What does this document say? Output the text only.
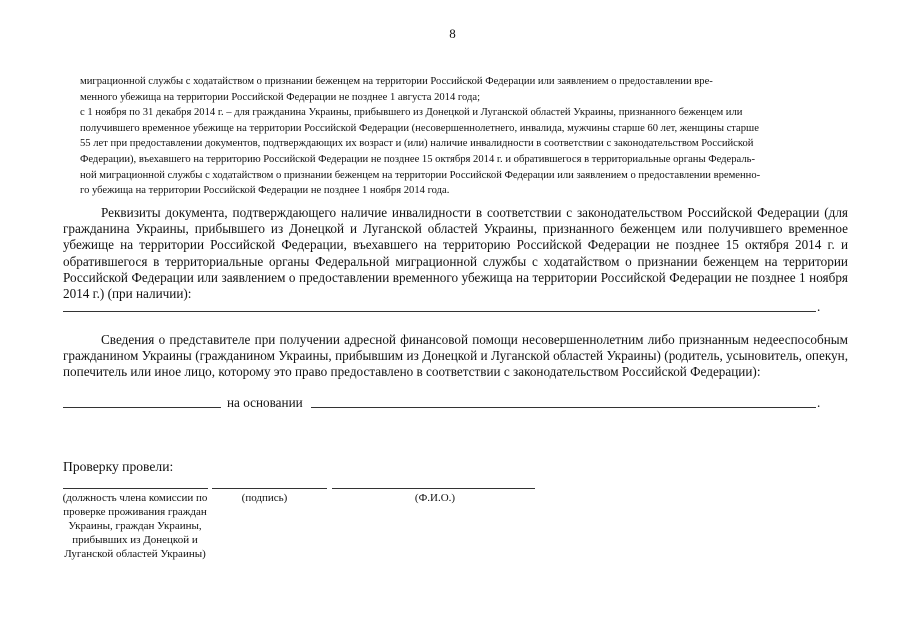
8

миграционной службы с ходатайством о признании беженцем на территории Российской Федерации или заявлением о предоставлении вре-

менного убежища на территории Российской Федерации не позднее 1 августа 2014 года;

с 1 ноября по 31 декабря 2014 г. – для гражданина Украины, прибывшего из Донецкой и Луганской областей Украины, признанного беженцем или

получившего временное убежище на территории Российской Федерации (несовершеннолетнего, инвалида, мужчины старше 60 лет, женщины старше

55 лет при предоставлении документов, подтверждающих их возраст и (или) наличие инвалидности в соответствии с законодательством Российской

Федерации), въехавшего на территорию Российской Федерации не позднее 15 октября 2014 г. и обратившегося в территориальные органы Федераль-

ной миграционной службы с ходатайством о признании беженцем на территории Российской Федерации или заявлением о предоставлении временно-

го убежища на территории Российской Федерации не позднее 1 ноября 2014 года.

Реквизиты документа, подтверждающего наличие инвалидности в соответствии с законодательством Российской Федерации (для гражданина Украины, прибывшего из Донецкой и Луганской областей Украины, признанного беженцем или получившего временное убежище на территории Российской Федерации, въехавшего на территорию Российской Федерации не позднее 15 октября 2014 г. и обратившегося в территориальные органы Федеральной миграционной службы с ходатайством о признании беженцем на территории Российской Федерации или заявлением о предоставлении временного убежища на территории Российской Федерации не позднее 1 ноября 2014 г.) (при наличии):

.

Сведения о представителе при получении адресной финансовой помощи несовершеннолетним либо признанным недееспособным гражданином Украины (гражданином Украины, прибывшим из Донецкой и Луганской областей Украины) (родитель, усыновитель, опекун, попечитель или иное лицо, которому это право предоставлено в соответствии с законодательством Российской Федерации):

на основании	.
Проверку провели:
(должность члена комиссии по проверке проживания граждан Украины, граждан Украины, прибывших из Донецкой и Луганской областей Украины)
(подпись)	(Ф.И.О.)
